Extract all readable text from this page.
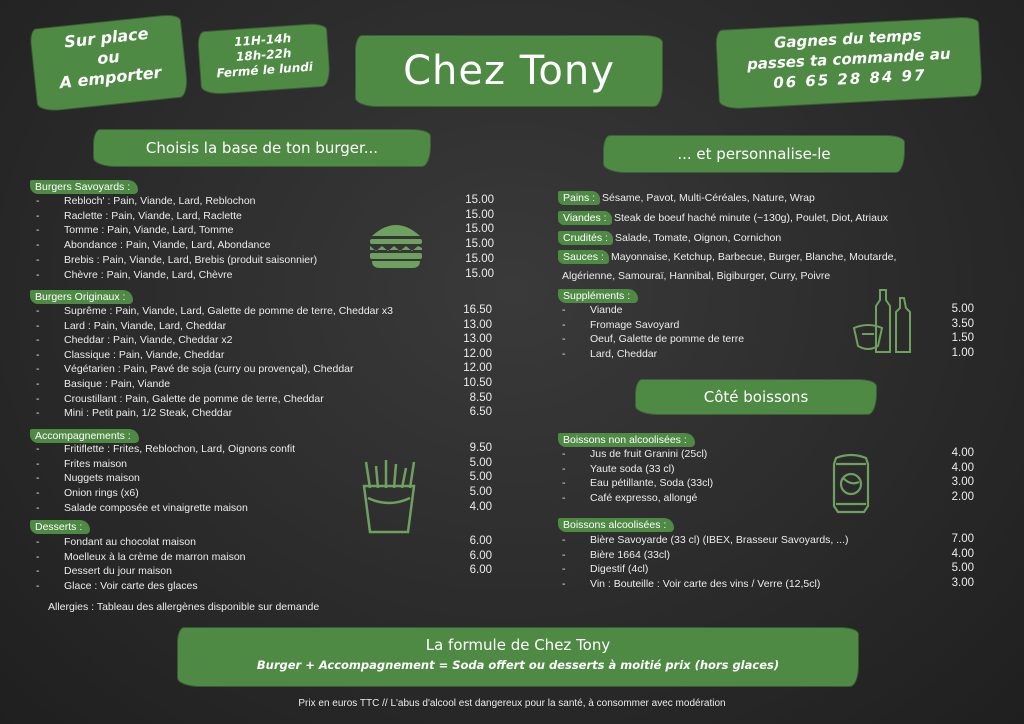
Sur place
ou
A emporter
11H-14h
18h-22h
Fermé le lundi	Chez Tony
Gagnes du temps
passes ta commande au
06 65 28 84 97
Choisis la base de ton burger...	... et personnalise-le
Burgers Savoyards :
- Rebloch' : Pain, Viande, Lard, Reblochon	15.00
- Raclette : Pain, Viande, Lard, Raclette	15.00
- Tomme : Pain, Viande, Lard, Tomme	15.00
- Abondance : Pain, Viande, Lard, Abondance	15.00
- Brebis : Pain, Viande, Lard, Brebis (produit saisonnier)	15.00
- Chèvre : Pain, Viande, Lard, Chèvre	15.00
Burgers Originaux :
- Suprême : Pain, Viande, Lard, Galette de pomme de terre, Cheddar x3	16.50
- Lard : Pain, Viande, Lard, Cheddar	13.00
- Cheddar : Pain, Viande, Cheddar x2	13.00
- Classique : Pain, Viande, Cheddar	12.00
- Végétarien : Pain, Pavé de soja (curry ou provençal), Cheddar	12.00
- Basique : Pain, Viande	10.50
- Croustillant : Pain, Galette de pomme de terre, Cheddar	8.50
- Mini : Petit pain, 1/2 Steak, Cheddar	6.50
Accompagnements :
- Fritiflette : Frites, Reblochon, Lard, Oignons confit	9.50
- Frites maison	5.00
- Nuggets maison	5.00
- Onion rings (x6)	5.00
- Salade composée et vinaigrette maison	4.00
Desserts :
- Fondant au chocolat maison	6.00
- Moelleux à la crème de marron maison	6.00
- Dessert du jour maison	6.00
- Glace : Voir carte des glaces
Allergies : Tableau des allergènes disponible sur demande
Pains : Sésame, Pavot, Multi-Céréales, Nature, Wrap
Viandes : Steak de boeuf haché minute (~130g), Poulet, Diot, Atriaux
Crudités : Salade, Tomate, Oignon, Cornichon
Sauces : Mayonnaise, Ketchup, Barbecue, Burger, Blanche, Moutarde,
Algérienne, Samouraï, Hannibal, Bigiburger, Curry, Poivre
Suppléments :
- Viande	5.00
- Fromage Savoyard	3.50
- Oeuf, Galette de pomme de terre	1.50
- Lard, Cheddar	1.00
Côté boissons
Boissons non alcoolisées :
- Jus de fruit Granini (25cl)	4.00
- Yaute soda (33 cl)	4.00
- Eau pétillante, Soda (33cl)	3.00
- Café expresso, allongé	2.00
Boissons alcoolisées :
- Bière Savoyarde (33 cl) (IBEX, Brasseur Savoyards, ...)	7.00
- Bière 1664 (33cl)	4.00
- Digestif (4cl)	5.00
- Vin : Bouteille : Voir carte des vins / Verre (12,5cl)	3.00
La formule de Chez Tony
Burger + Accompagnement = Soda offert ou desserts à moitié prix (hors glaces)
Prix en euros TTC // L'abus d'alcool est dangereux pour la santé, à consommer avec modération
